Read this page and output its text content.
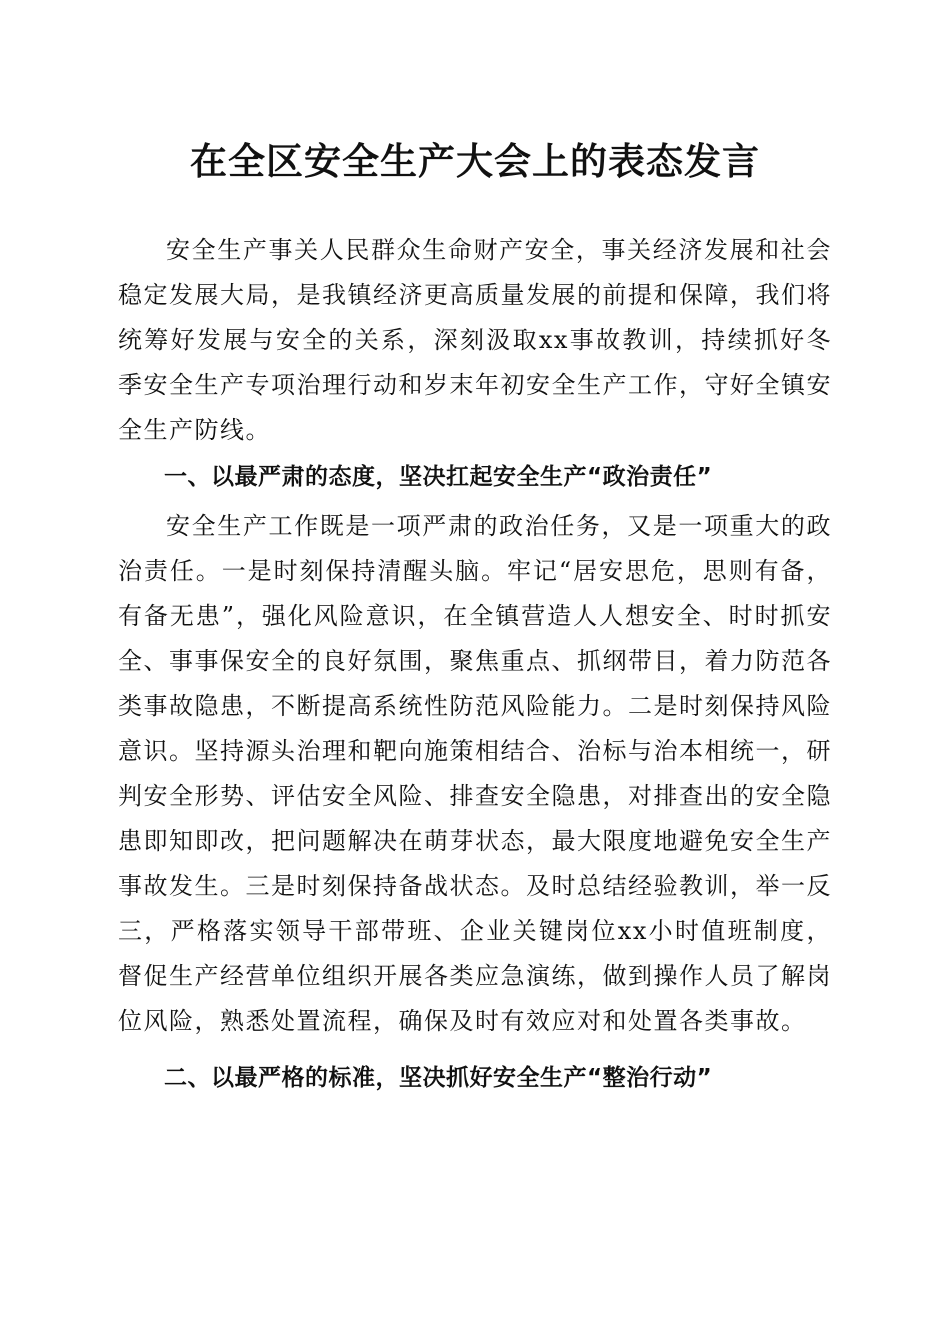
在全区安全生产大会上的表态发言

安全生产事关人民群众生命财产安全，事关经济发展和社会稳定发展大局，是我镇经济更高质量发展的前提和保障，我们将统筹好发展与安全的关系，深刻汲取xx事故教训，持续抓好冬季安全生产专项治理行动和岁末年初安全生产工作，守好全镇安全生产防线。

一、以最严肃的态度，坚决扛起安全生产“政治责任”

安全生产工作既是一项严肃的政治任务，又是一项重大的政治责任。一是时刻保持清醒头脑。牢记“居安思危，思则有备，有备无患”，强化风险意识，在全镇营造人人想安全、时时抓安全、事事保安全的良好氛围，聚焦重点、抓纲带目，着力防范各类事故隐患，不断提高系统性防范风险能力。二是时刻保持风险意识。坚持源头治理和靶向施策相结合、治标与治本相统一，研判安全形势、评估安全风险、排查安全隐患，对排查出的安全隐患即知即改，把问题解决在萌芽状态，最大限度地避免安全生产事故发生。三是时刻保持备战状态。及时总结经验教训，举一反三，严格落实领导干部带班、企业关键岗位xx小时值班制度，督促生产经营单位组织开展各类应急演练，做到操作人员了解岗位风险，熟悉处置流程，确保及时有效应对和处置各类事故。

二、以最严格的标准，坚决抓好安全生产“整治行动”
